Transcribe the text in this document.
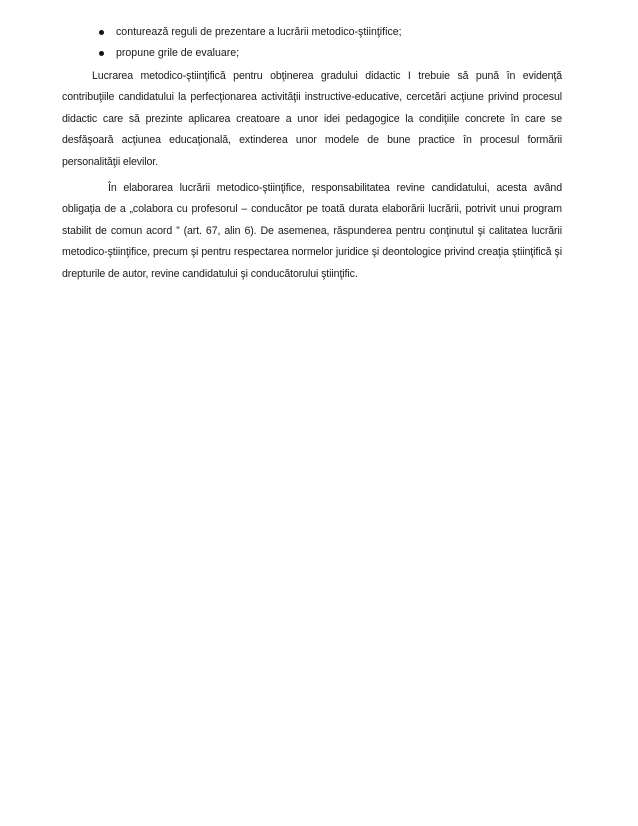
conturează reguli de prezentare a lucrării metodico-ştiinţifice;
propune grile de evaluare;

Lucrarea metodico-ştiinţifică pentru obţinerea gradului didactic I trebuie să pună în evidenţă contribuţiile candidatului la perfecţionarea activităţii instructive-educative, cercetări acţiune privind procesul didactic care să prezinte aplicarea creatoare a unor idei pedagogice la condiţiile concrete în care se desfăşoară acţiunea educaţională, extinderea unor modele de bune practice în procesul formării personalităţii elevilor.

În elaborarea lucrării metodico-ştiinţifice, responsabilitatea revine candidatului, acesta având obligaţia de a „colabora cu profesorul – conducător pe toată durata elaborării lucrării, potrivit unui program stabilit de comun acord ” (art. 67, alin 6). De asemenea, răspunderea pentru conţinutul şi calitatea lucrării metodico-ştiinţifice, precum şi pentru respectarea normelor juridice şi deontologice privind creaţia ştiinţifică şi drepturile de autor, revine candidatului şi conducătorului ştiinţific.
